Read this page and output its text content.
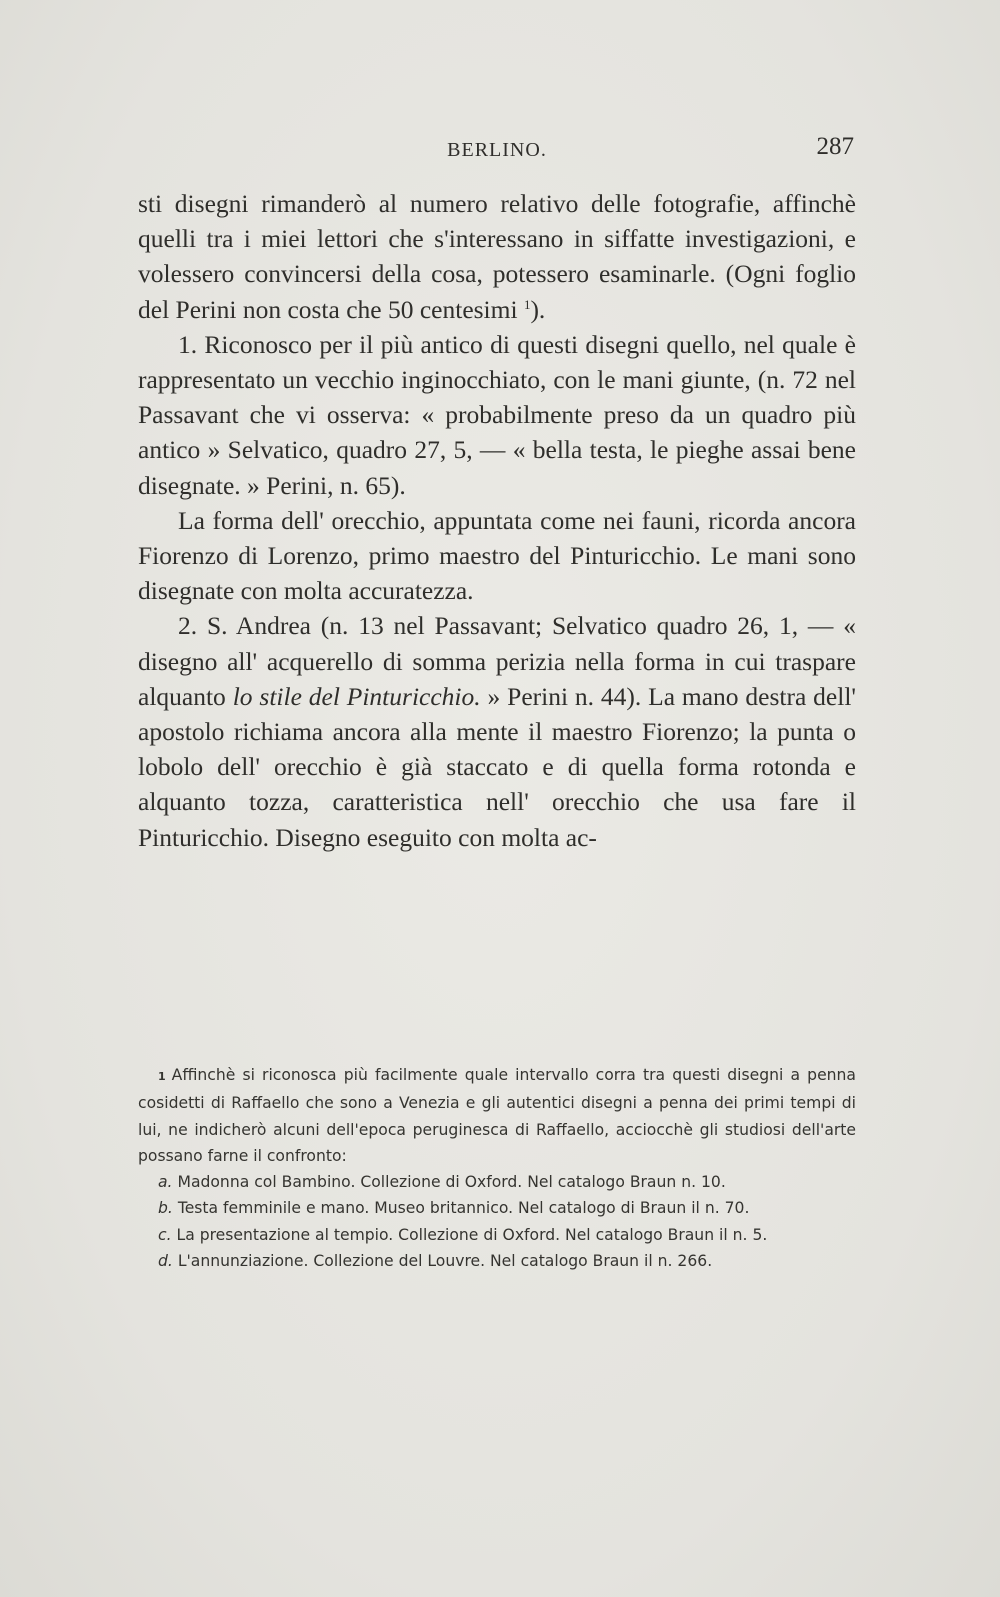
BERLINO.	287

sti disegni rimanderò al numero relativo delle fotografie, affinchè quelli tra i miei lettori che s'interessano in siffatte investigazioni, e volessero convincersi della cosa, potessero esaminarle. (Ogni foglio del Perini non costa che 50 centesimi $^1$).

1. Riconosco per il più antico di questi disegni quello, nel quale è rappresentato un vecchio inginocchiato, con le mani giunte, (n. 72 nel Passavant che vi osserva: « probabilmente preso da un quadro più antico » Selvatico, quadro 27, 5, — « bella testa, le pieghe assai bene disegnate. » Perini, n. 65).

La forma dell' orecchio, appuntata come nei fauni, ricorda ancora Fiorenzo di Lorenzo, primo maestro del Pinturicchio. Le mani sono disegnate con molta accuratezza.

2. S. Andrea (n. 13 nel Passavant; Selvatico quadro 26, 1, — « disegno all' acquerello di somma perizia nella forma in cui traspare alquanto lo stile del Pinturicchio. » Perini n. 44). La mano destra dell' apostolo richiama ancora alla mente il maestro Fiorenzo; la punta o lobolo dell' orecchio è già staccato e di quella forma rotonda e alquanto tozza, caratteristica nell' orecchio che usa fare il Pinturicchio. Disegno eseguito con molta ac-

1 Affinchè si riconosca più facilmente quale intervallo corra tra questi disegni a penna cosidetti di Raffaello che sono a Venezia e gli autentici disegni a penna dei primi tempi di lui, ne indicherò alcuni dell'epoca peruginesca di Raffaello, acciocchè gli studiosi dell'arte possano farne il confronto:

a. Madonna col Bambino. Collezione di Oxford. Nel catalogo Braun n. 10.

b. Testa femminile e mano. Museo britannico. Nel catalogo di Braun il n. 70.

c. La presentazione al tempio. Collezione di Oxford. Nel catalogo Braun il n. 5.

d. L'annunziazione. Collezione del Louvre. Nel catalogo Braun il n. 266.
